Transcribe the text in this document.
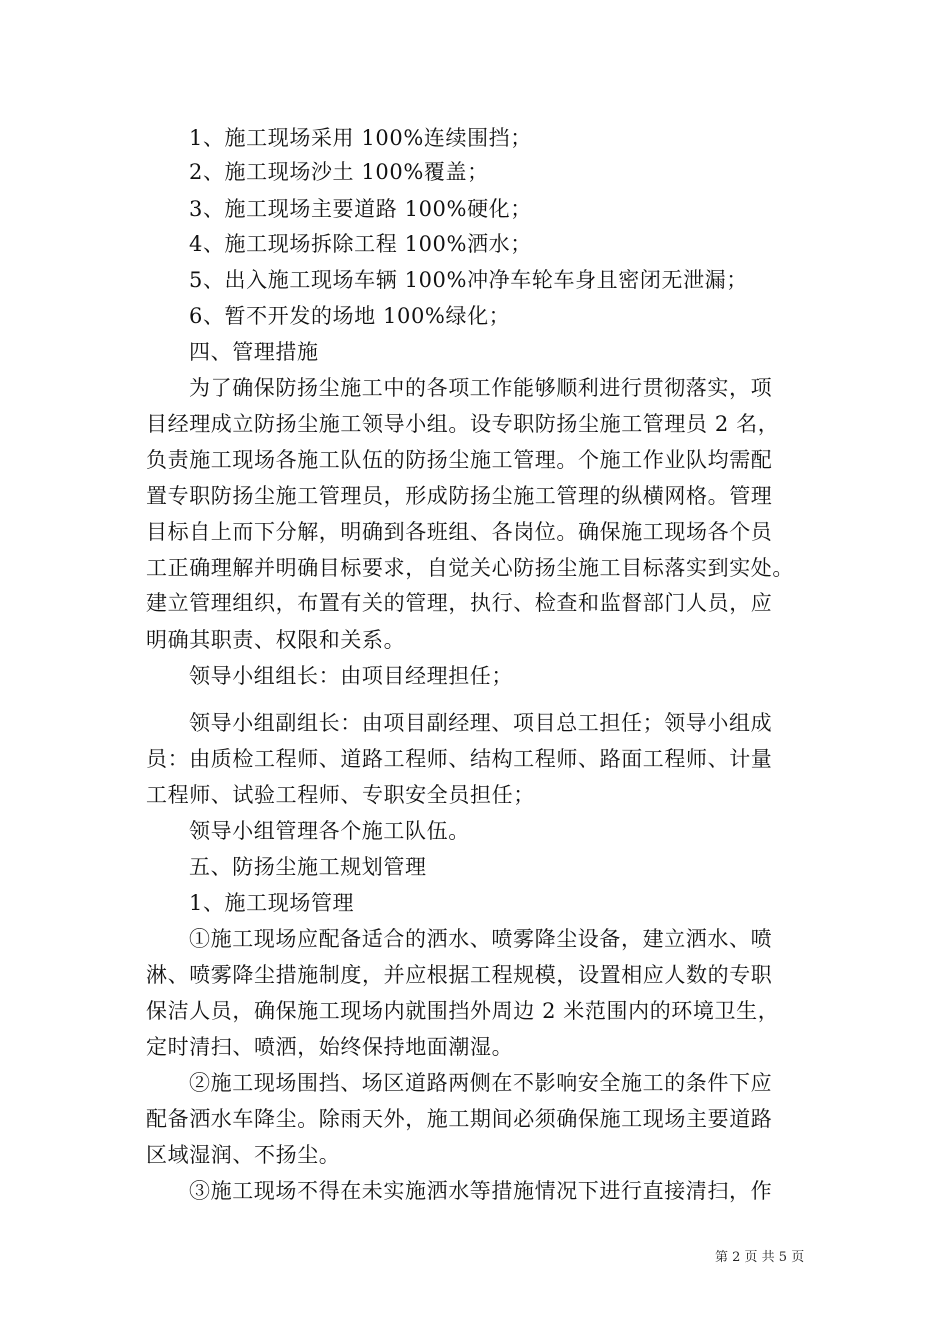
1、施工现场采用 100%连续围挡；
2、施工现场沙土 100%覆盖；
3、施工现场主要道路 100%硬化；
4、施工现场拆除工程 100%洒水；
5、出入施工现场车辆 100%冲净车轮车身且密闭无泄漏；
6、暂不开发的场地 100%绿化；
四、管理措施
为了确保防扬尘施工中的各项工作能够顺利进行贯彻落实，项
目经理成立防扬尘施工领导小组。设专职防扬尘施工管理员 2 名，
负责施工现场各施工队伍的防扬尘施工管理。个施工作业队均需配
置专职防扬尘施工管理员，形成防扬尘施工管理的纵横网格。管理
目标自上而下分解，明确到各班组、各岗位。确保施工现场各个员
工正确理解并明确目标要求，自觉关心防扬尘施工目标落实到实处。
建立管理组织，布置有关的管理，执行、检查和监督部门人员，应
明确其职责、权限和关系。
领导小组组长：由项目经理担任；
领导小组副组长：由项目副经理、项目总工担任；领导小组成
员：由质检工程师、道路工程师、结构工程师、路面工程师、计量
工程师、试验工程师、专职安全员担任；
领导小组管理各个施工队伍。
五、防扬尘施工规划管理
1、施工现场管理
①施工现场应配备适合的洒水、喷雾降尘设备，建立洒水、喷
淋、喷雾降尘措施制度，并应根据工程规模，设置相应人数的专职
保洁人员，确保施工现场内就围挡外周边 2 米范围内的环境卫生，
定时清扫、喷洒，始终保持地面潮湿。
②施工现场围挡、场区道路两侧在不影响安全施工的条件下应
配备洒水车降尘。除雨天外，施工期间必须确保施工现场主要道路
区域湿润、不扬尘。
③施工现场不得在未实施洒水等措施情况下进行直接清扫，作
第 2 页 共 5 页
